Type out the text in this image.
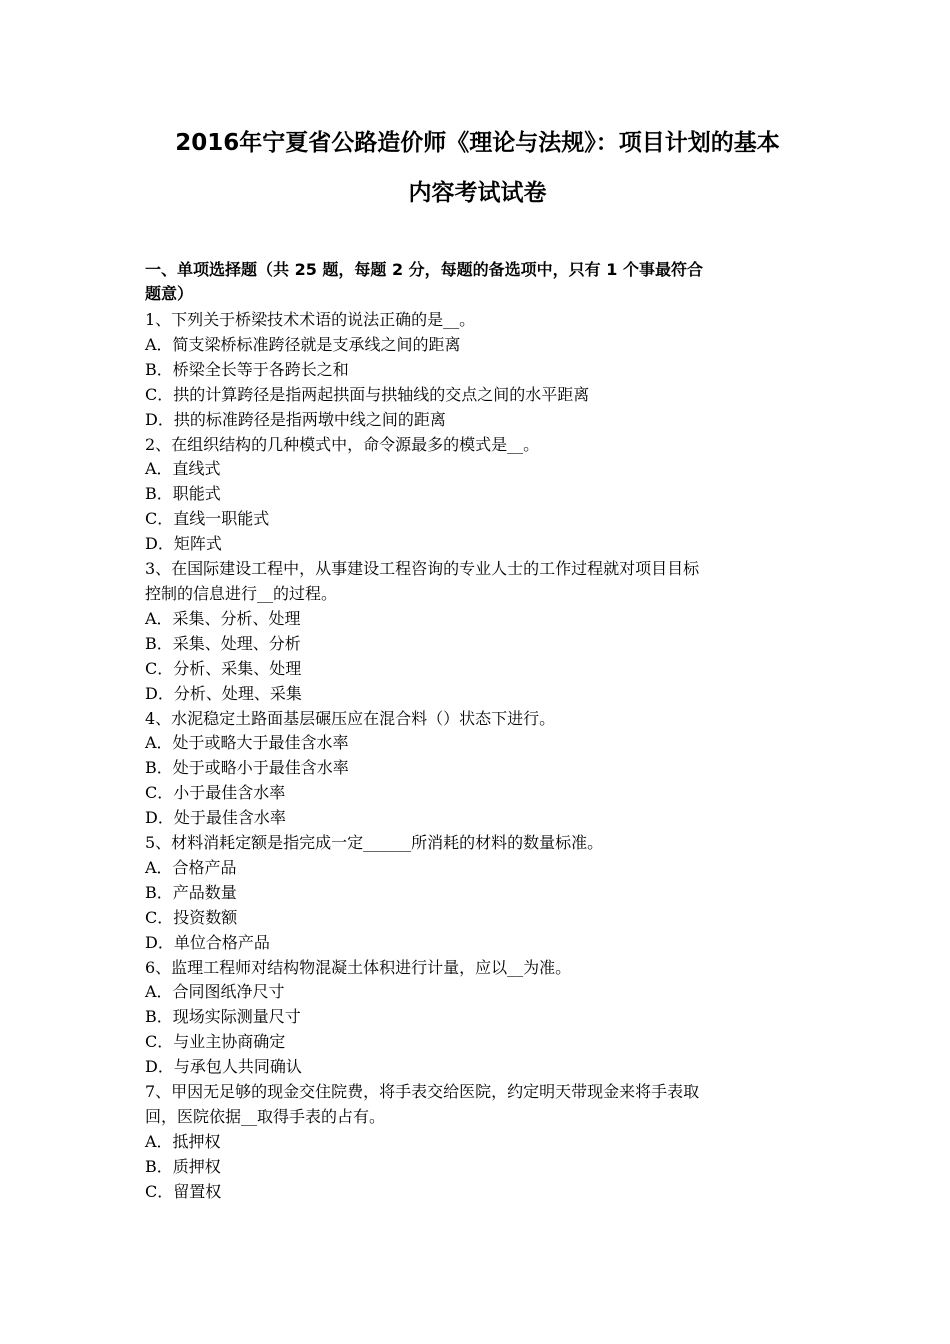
2016年宁夏省公路造价师《理论与法规》：项目计划的基本
内容考试试卷
一、单项选择题（共 25 题，每题 2 分，每题的备选项中，只有 1 个事最符合
题意）
1、下列关于桥梁技术术语的说法正确的是__。
A．简支梁桥标准跨径就是支承线之间的距离
B．桥梁全长等于各跨长之和
C．拱的计算跨径是指两起拱面与拱轴线的交点之间的水平距离
D．拱的标准跨径是指两墩中线之间的距离
2、在组织结构的几种模式中，命令源最多的模式是__。
A．直线式
B．职能式
C．直线一职能式
D．矩阵式
3、在国际建设工程中，从事建设工程咨询的专业人士的工作过程就对项目目标
控制的信息进行__的过程。
A．采集、分析、处理
B．采集、处理、分析
C．分析、采集、处理
D．分析、处理、采集
4、水泥稳定土路面基层碾压应在混合料（）状态下进行。
A．处于或略大于最佳含水率
B．处于或略小于最佳含水率
C．小于最佳含水率
D．处于最佳含水率
5、材料消耗定额是指完成一定______所消耗的材料的数量标准。
A．合格产品
B．产品数量
C．投资数额
D．单位合格产品
6、监理工程师对结构物混凝土体积进行计量，应以__为准。
A．合同图纸净尺寸
B．现场实际测量尺寸
C．与业主协商确定
D．与承包人共同确认
7、甲因无足够的现金交住院费，将手表交给医院，约定明天带现金来将手表取
回，医院依据__取得手表的占有。
A．抵押权
B．质押权
C．留置权
